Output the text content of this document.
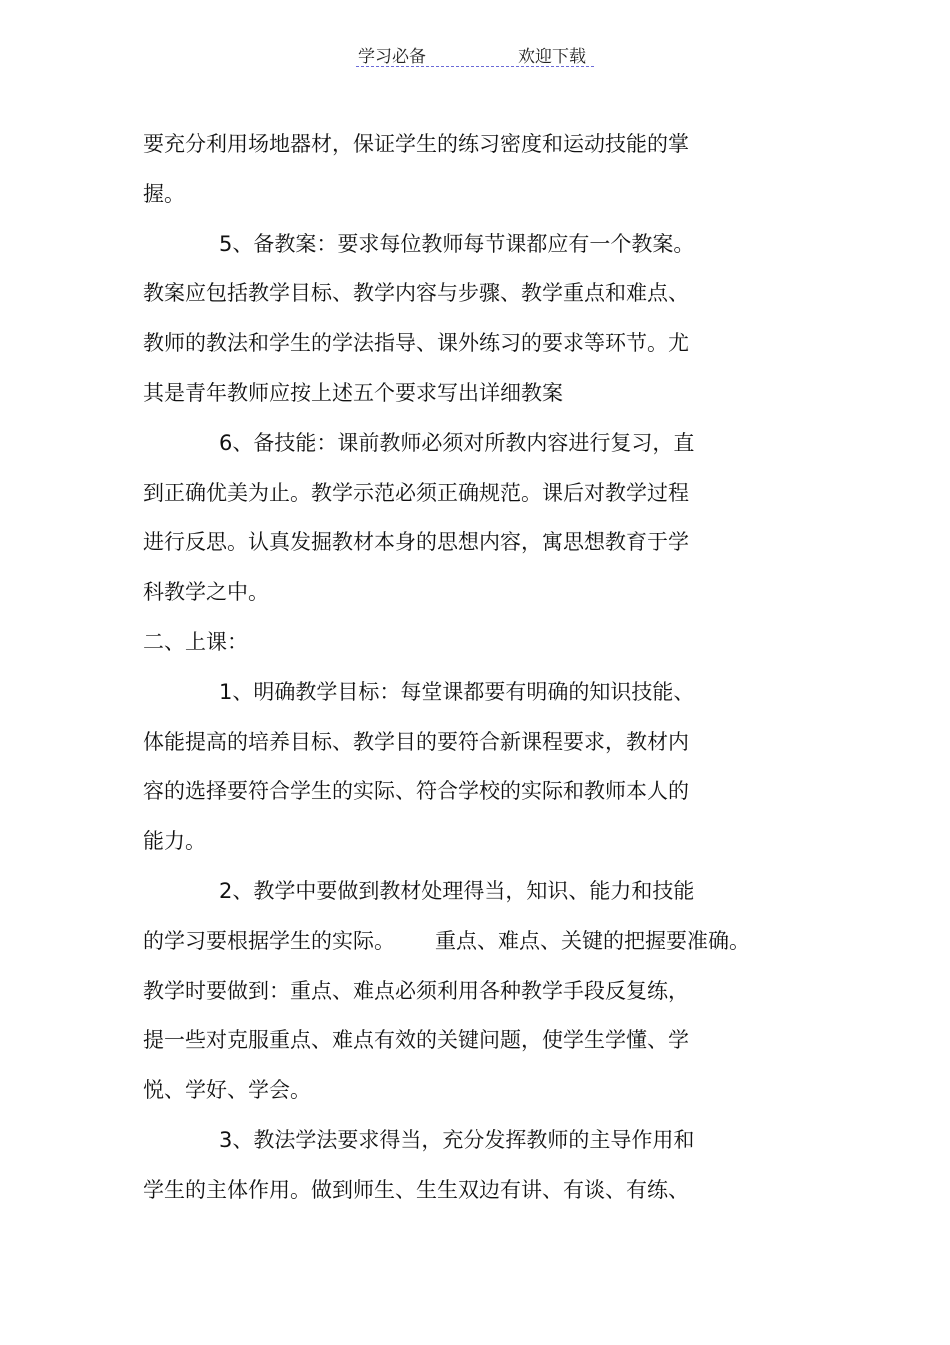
学习必备	欢迎下载
要充分利用场地器材，保证学生的练习密度和运动技能的掌
握。
5、备教案：要求每位教师每节课都应有一个教案。
教案应包括教学目标、教学内容与步骤、教学重点和难点、
教师的教法和学生的学法指导、课外练习的要求等环节。尤
其是青年教师应按上述五个要求写出详细教案
6、备技能：课前教师必须对所教内容进行复习，直
到正确优美为止。教学示范必须正确规范。课后对教学过程
进行反思。认真发掘教材本身的思想内容，寓思想教育于学
科教学之中。
二、上课：
1、明确教学目标：每堂课都要有明确的知识技能、
体能提高的培养目标、教学目的要符合新课程要求，教材内
容的选择要符合学生的实际、符合学校的实际和教师本人的
能力。
2、教学中要做到教材处理得当，知识、能力和技能
的学习要根据学生的实际。 重点、难点、关键的把握要准确。
教学时要做到：重点、难点必须利用各种教学手段反复练，
提一些对克服重点、难点有效的关键问题，使学生学懂、学
悦、学好、学会。
3、教法学法要求得当，充分发挥教师的主导作用和
学生的主体作用。做到师生、生生双边有讲、有谈、有练、
